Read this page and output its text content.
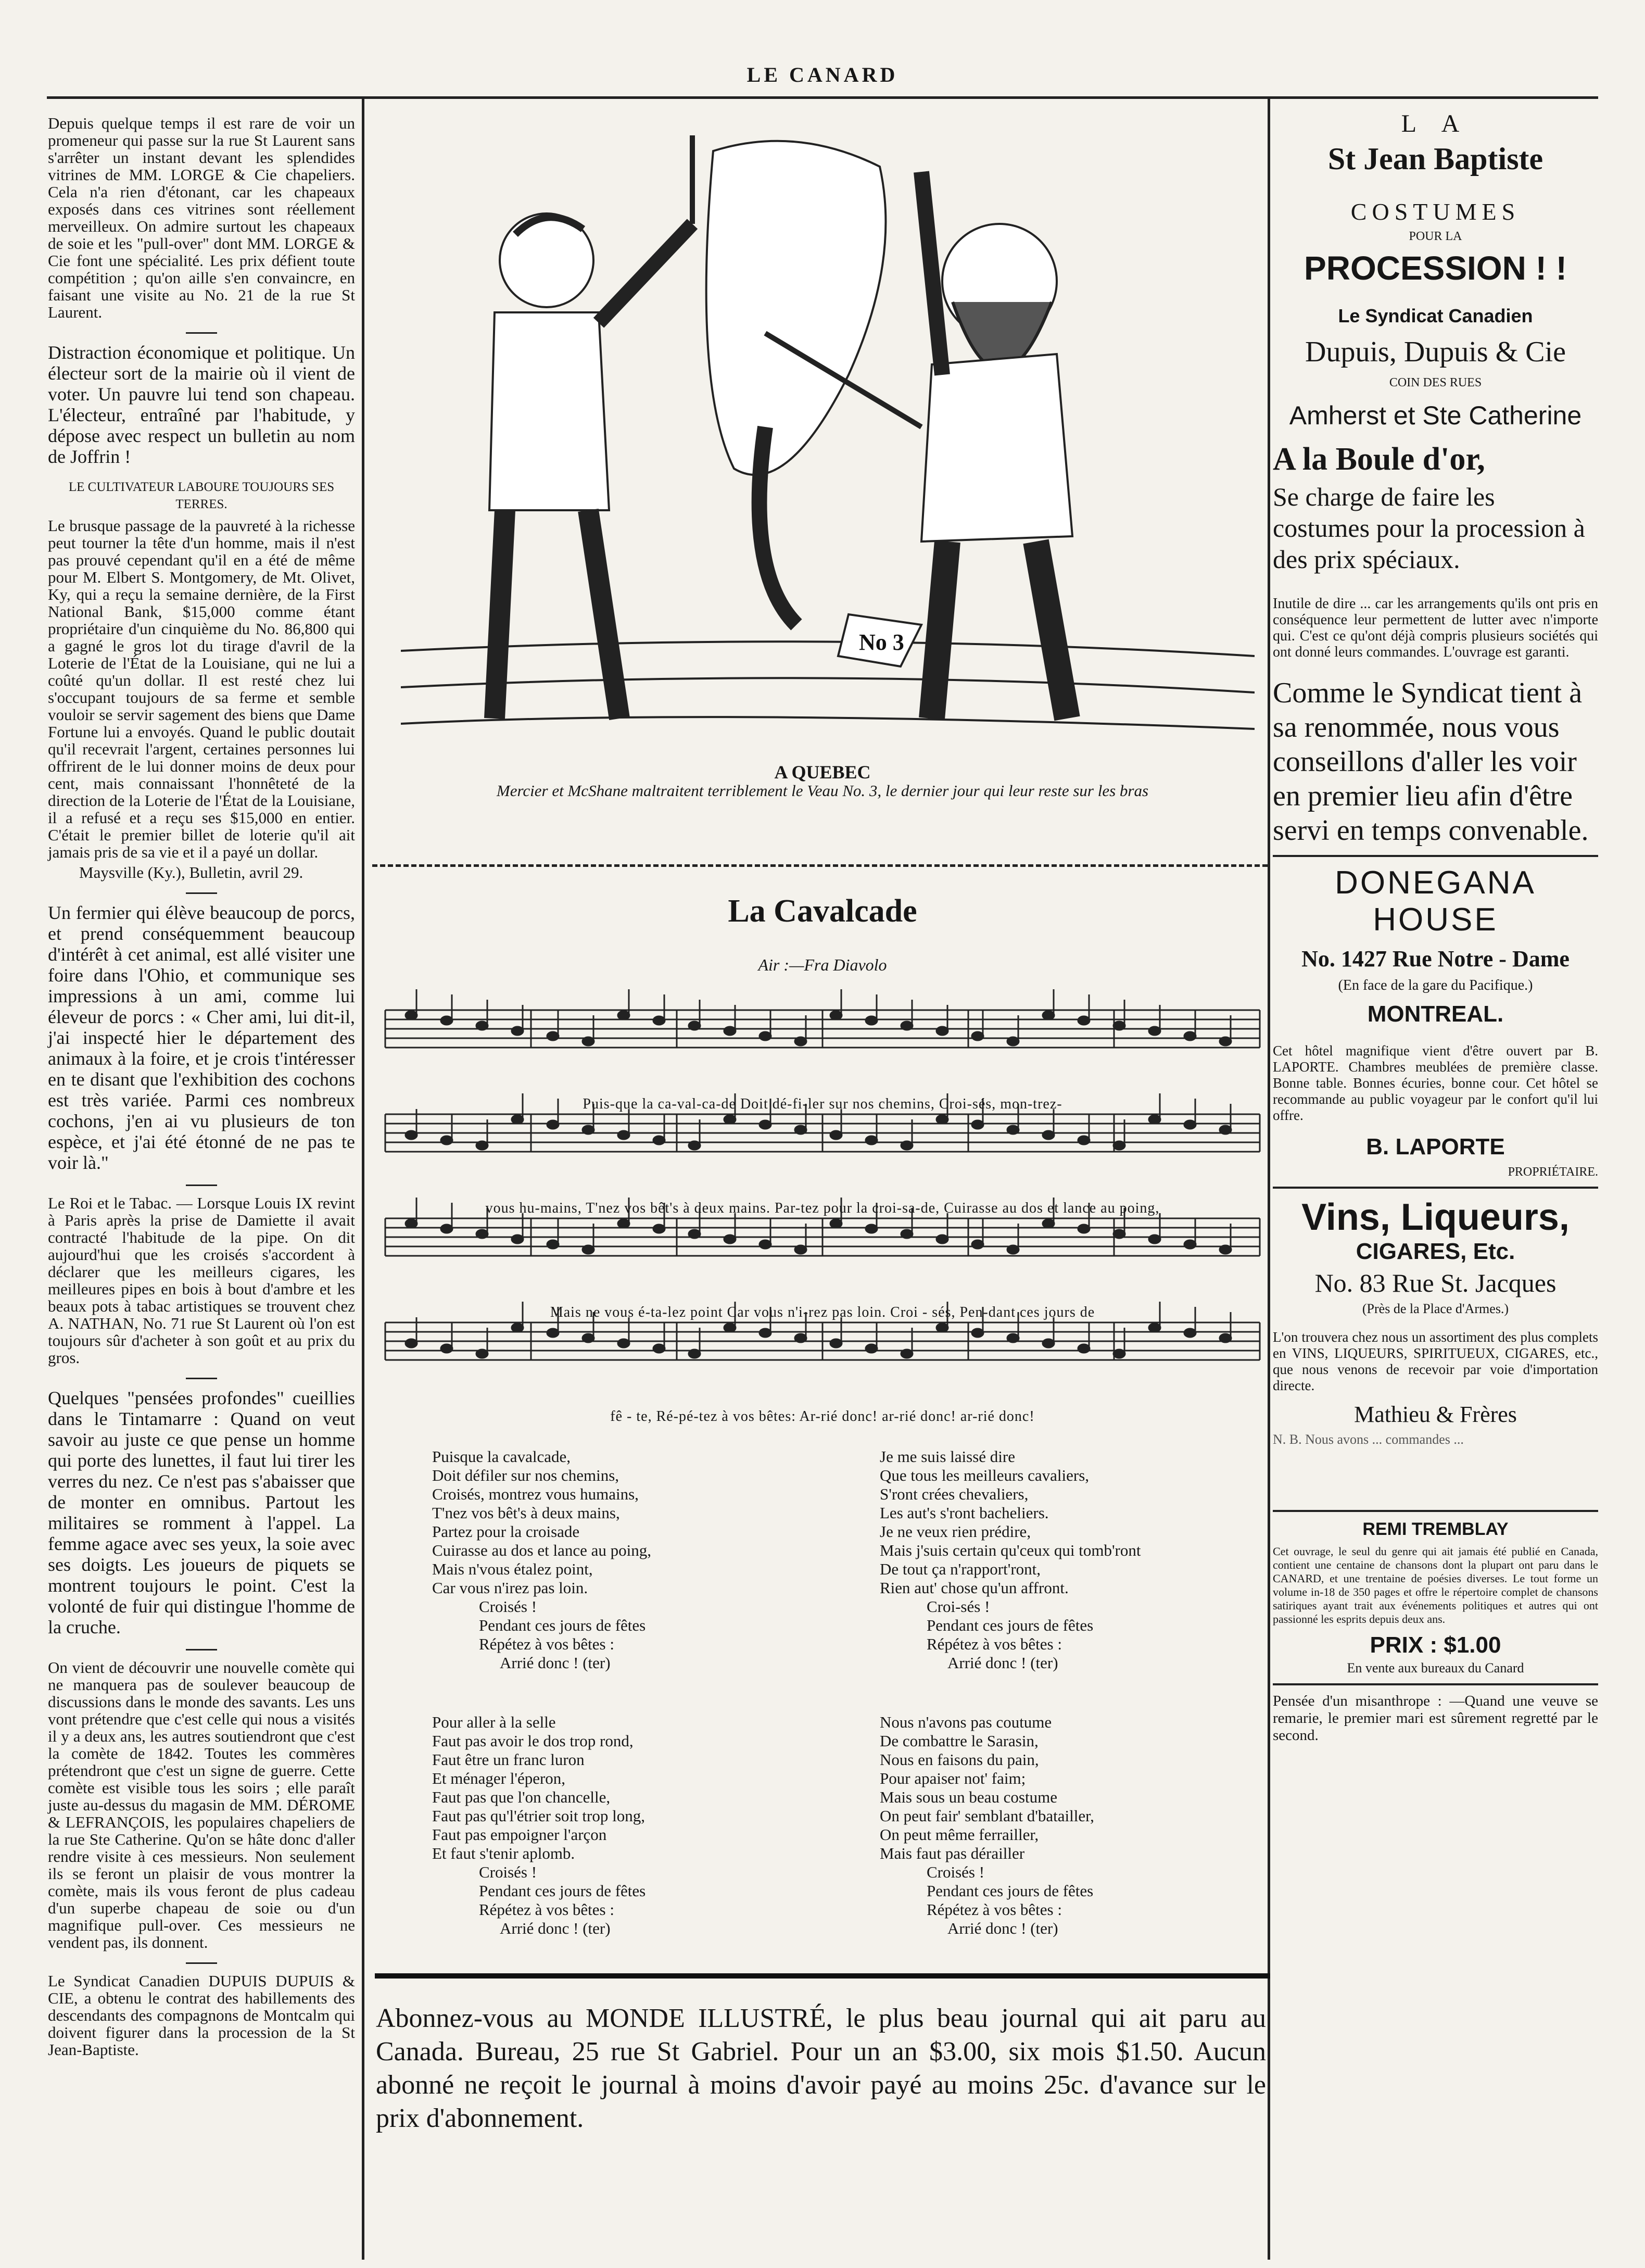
LE CANARD

Depuis quelque temps il est rare de voir un promeneur qui passe sur la rue St Laurent sans s'arrêter un instant devant les splendides vitrines de MM. LORGE & Cie chapeliers. Cela n'a rien d'étonant, car les chapeaux exposés dans ces vitrines sont réellement merveilleux. On admire surtout les chapeaux de soie et les "pull-over" dont MM. LORGE & Cie font une spécialité. Les prix défient toute compétition ; qu'on aille s'en convaincre, en faisant une visite au No. 21 de la rue St Laurent.

Distraction économique et politique. Un électeur sort de la mairie où il vient de voter. Un pauvre lui tend son chapeau. L'électeur, entraîné par l'habitude, y dépose avec respect un bulletin au nom de Joffrin !

LE CULTIVATEUR LABOURE TOUJOURS SES TERRES.

Le brusque passage de la pauvreté à la richesse peut tourner la tête d'un homme, mais il n'est pas prouvé cependant qu'il en a été de même pour M. Elbert S. Montgomery, de Mt. Olivet, Ky, qui a reçu la semaine dernière, de la First National Bank, $15,000 comme étant propriétaire d'un cinquième du No. 86,800 qui a gagné le gros lot du tirage d'avril de la Loterie de l'État de la Louisiane, qui ne lui a coûté qu'un dollar. Il est resté chez lui s'occupant toujours de sa ferme et semble vouloir se servir sagement des biens que Dame Fortune lui a envoyés. Quand le public doutait qu'il recevrait l'argent, certaines personnes lui offrirent de le lui donner moins de deux pour cent, mais connaissant l'honnêteté de la direction de la Loterie de l'État de la Louisiane, il a refusé et a reçu ses $15,000 en entier. C'était le premier billet de loterie qu'il ait jamais pris de sa vie et il a payé un dollar.

Maysville (Ky.), Bulletin, avril 29.

Un fermier qui élève beaucoup de porcs, et prend conséquemment beaucoup d'intérêt à cet animal, est allé visiter une foire dans l'Ohio, et communique ses impressions à un ami, comme lui éleveur de porcs : « Cher ami, lui dit-il, j'ai inspecté hier le département des animaux à la foire, et je crois t'intéresser en te disant que l'exhibition des cochons est très variée. Parmi ces nombreux cochons, j'en ai vu plusieurs de ton espèce, et j'ai été étonné de ne pas te voir là."

Le Roi et le Tabac. — Lorsque Louis IX revint à Paris après la prise de Damiette il avait contracté l'habitude de la pipe. On dit aujourd'hui que les croisés s'accordent à déclarer que les meilleurs cigares, les meilleures pipes en bois à bout d'ambre et les beaux pots à tabac artistiques se trouvent chez A. NATHAN, No. 71 rue St Laurent où l'on est toujours sûr d'acheter à son goût et au prix du gros.

Quelques "pensées profondes" cueillies dans le Tintamarre : Quand on veut savoir au juste ce que pense un homme qui porte des lunettes, il faut lui tirer les verres du nez. Ce n'est pas s'abaisser que de monter en omnibus. Partout les militaires se romment à l'appel. La femme agace avec ses yeux, la soie avec ses doigts. Les joueurs de piquets se montrent toujours le point. C'est la volonté de fuir qui distingue l'homme de la cruche.

On vient de découvrir une nouvelle comète qui ne manquera pas de soulever beaucoup de discussions dans le monde des savants. Les uns vont prétendre que c'est celle qui nous a visités il y a deux ans, les autres soutiendront que c'est la comète de 1842. Toutes les commères prétendront que c'est un signe de guerre. Cette comète est visible tous les soirs ; elle paraît juste au-dessus du magasin de MM. DÉROME & LEFRANÇOIS, les populaires chapeliers de la rue Ste Catherine. Qu'on se hâte donc d'aller rendre visite à ces messieurs. Non seulement ils se feront un plaisir de vous montrer la comète, mais ils vous feront de plus cadeau d'un superbe chapeau de soie ou d'un magnifique pull-over. Ces messieurs ne vendent pas, ils donnent.

Le Syndicat Canadien DUPUIS DUPUIS & CIE, a obtenu le contrat des habillements des descendants des compagnons de Montcalm qui doivent figurer dans la procession de la St Jean-Baptiste.

No 3
A QUEBEC
Mercier et McShane maltraitent terriblement le Veau No. 3, le dernier jour qui leur reste sur les bras
La Cavalcade
Air :—Fra Diavolo
Puis-que la ca-val-ca-de Doit dé-fi-ler sur nos chemins, Croi-sés, mon-trez-
vous hu-mains, T'nez vos bêt's à deux mains. Par-tez pour la croi-sa-de, Cuirasse au dos et lance au poing,
Mais ne vous é-ta-lez point Car vous n'i-rez pas loin. Croi - sés, Pen-dant ces jours de
fê - te, Ré-pé-tez à vos bêtes: Ar-rié donc! ar-rié donc! ar-rié donc!
Puisque la cavalcade,
Doit défiler sur nos chemins,
Croisés, montrez vous humains,
T'nez vos bêt's à deux mains,
Partez pour la croisade
Cuirasse au dos et lance au poing,
Mais n'vous étalez point,
Car vous n'irez pas loin.
Croisés !
Pendant ces jours de fêtes
Répétez à vos bêtes :
Arrié donc ! (ter)
Je me suis laissé dire
Que tous les meilleurs cavaliers,
S'ront crées chevaliers,
Les aut's s'ront bacheliers.
Je ne veux rien prédire,
Mais j'suis certain qu'ceux qui tomb'ront
De tout ça n'rapport'ront,
Rien aut' chose qu'un affront.
Croi-sés !
Pendant ces jours de fêtes
Répétez à vos bêtes :
Arrié donc ! (ter)
Pour aller à la selle
Faut pas avoir le dos trop rond,
Faut être un franc luron
Et ménager l'éperon,
Faut pas que l'on chancelle,
Faut pas qu'l'étrier soit trop long,
Faut pas empoigner l'arçon
Et faut s'tenir aplomb.
Croisés !
Pendant ces jours de fêtes
Répétez à vos bêtes :
Arrié donc ! (ter)
Nous n'avons pas coutume
De combattre le Sarasin,
Nous en faisons du pain,
Pour apaiser not' faim;
Mais sous un beau costume
On peut fair' semblant d'batailler,
On peut même ferrailler,
Mais faut pas dérailler
Croisés !
Pendant ces jours de fêtes
Répétez à vos bêtes :
Arrié donc ! (ter)
Abonnez-vous au MONDE ILLUSTRÉ, le plus beau journal qui ait paru au Canada. Bureau, 25 rue St Gabriel. Pour un an $3.00, six mois $1.50. Aucun abonné ne reçoit le journal à moins d'avoir payé au moins 25c. d'avance sur le prix d'abonnement.
L A
St Jean Baptiste
COSTUMES
POUR LA
PROCESSION ! !
Le Syndicat Canadien
Dupuis, Dupuis & Cie
COIN DES RUES
Amherst et Ste Catherine
A la Boule d'or,
Se charge de faire les costumes pour la procession à des prix spéciaux.
Inutile de dire ... car les arrangements qu'ils ont pris en conséquence leur permettent de lutter avec n'importe qui. C'est ce qu'ont déjà compris plusieurs sociétés qui ont donné leurs commandes. L'ouvrage est garanti.
Comme le Syndicat tient à sa renommée, nous vous conseillons d'aller les voir en premier lieu afin d'être servi en temps convenable.
DONEGANA HOUSE
No. 1427 Rue Notre - Dame
(En face de la gare du Pacifique.)
MONTREAL.
Cet hôtel magnifique vient d'être ouvert par B. LAPORTE. Chambres meublées de première classe. Bonne table. Bonnes écuries, bonne cour. Cet hôtel se recommande au public voyageur par le confort qu'il lui offre.
B. LAPORTE
PROPRIÉTAIRE.
Vins, Liqueurs,
CIGARES, Etc.
No. 83 Rue St. Jacques
(Près de la Place d'Armes.)
L'on trouvera chez nous un assortiment des plus complets en VINS, LIQUEURS, SPIRITUEUX, CIGARES, etc., que nous venons de recevoir par voie d'importation directe.
Mathieu & Frères
N. B. Nous avons ... commandes ...
REMI TREMBLAY
Cet ouvrage, le seul du genre qui ait jamais été publié en Canada, contient une centaine de chansons dont la plupart ont paru dans le CANARD, et une trentaine de poésies diverses. Le tout forme un volume in-18 de 350 pages et offre le répertoire complet de chansons satiriques ayant trait aux événements politiques et autres qui ont passionné les esprits depuis deux ans.
PRIX : $1.00
En vente aux bureaux du Canard
Pensée d'un misanthrope : —Quand une veuve se remarie, le premier mari est sûrement regretté par le second.
